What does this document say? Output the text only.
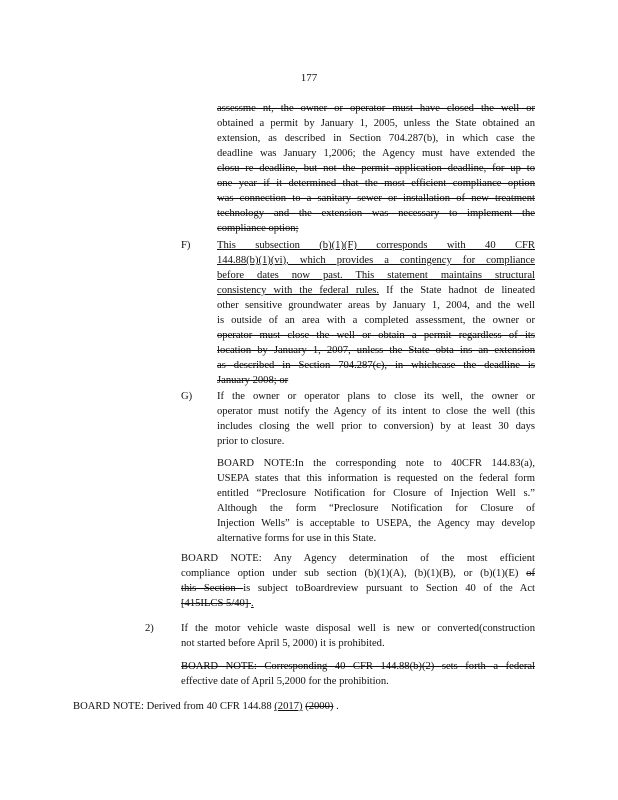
177

assessme nt, the owner or operator must have closed the well or

obtained a permit by January 1, 2005, unless the State obtained an

extension, as described in Section 704.287(b), in which case the

deadline was January 1,2006; the Agency must have extended the

closu re deadline, but not the permit application deadline, for up to

one year if it determined that the most efficient compliance option

was connection to a sanitary sewer or installation of new treatment

technology and the extension was necessary to implement the

compliance option;

F)	This subsection (b)(1)(F) corresponds with 40 CFR

144.88(b)(1)(vi), which provides a contingency for compliance

before dates now past. This statement maintains structural

consistency with the federal rules. If the State hadnot de lineated

other sensitive groundwater areas by January 1, 2004, and the well

is outside of an area with a completed assessment, the owner or

operator must close the well or obtain a permit regardless of its

location by January 1, 2007, unless the State obta ins an extension

as described in Section 704.287(c), in whichcase the deadline is

January 2008; or

G) If the owner or operator plans to close its well, the owner or

operator must notify the Agency of its intent to close the well (this

includes closing the well prior to conversion) by at least 30 days

prior to closure.

BOARD NOTE:In the corresponding note to 40CFR 144.83(a),

USEPA states that this information is requested on the federal form

entitled “Preclosure Notification for Closure of Injection Well s.”

Although the form “Preclosure Notification for Closure of

Injection Wells” is acceptable to USEPA, the Agency may develop

alternative forms for use in this State.

BOARD NOTE: Any Agency determination of the most efficient

compliance option under sub section (b)(1)(A), (b)(1)(B), or (b)(1)(E) of

this Section is subject toBoardreview pursuant to Section 40 of the Act

[415ILCS 5/40] .

2)	If the motor vehicle waste disposal well is new or converted(construction

not started before April 5, 2000) it is prohibited.

BOARD NOTE: Corresponding 40 CFR 144.88(b)(2) sets forth a federal

effective date of April 5,2000 for the prohibition.

BOARD NOTE: Derived from 40 CFR 144.88 (2017) (2000) .
